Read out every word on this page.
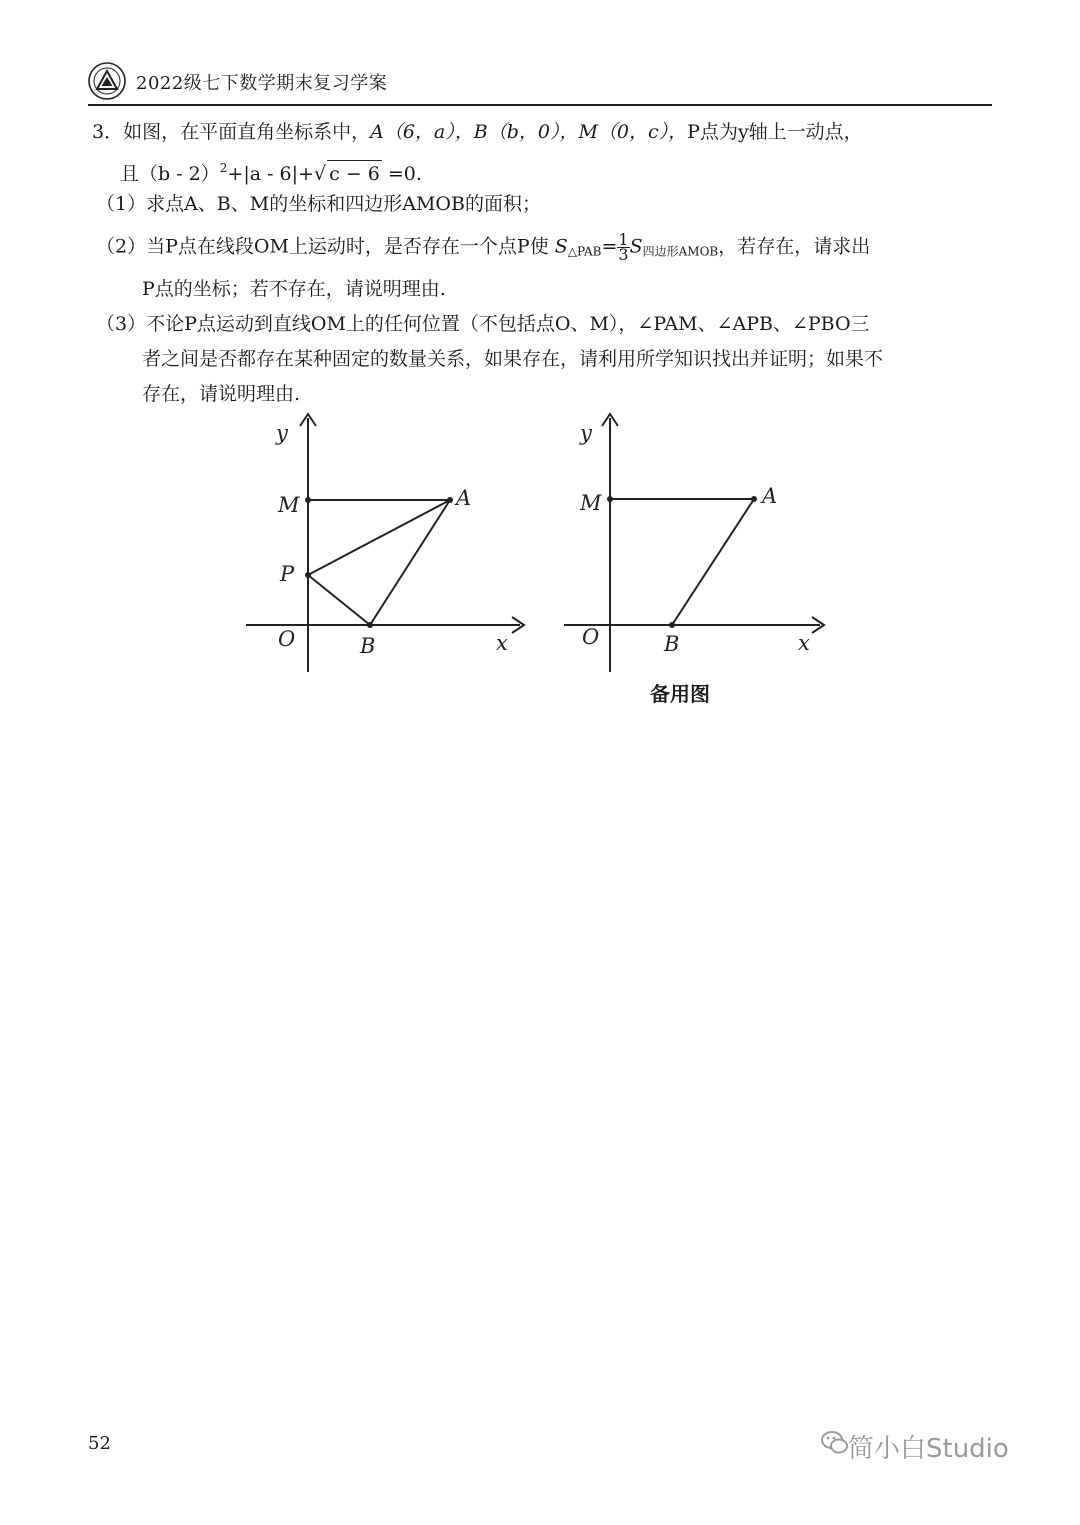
2022级七下数学期末复习学案
3．如图，在平面直角坐标系中，A（6，a），B（b，0），M（0，c），P点为y轴上一动点，
且（b - 2）$^2$+|a - 6|+√ c − 6 =0.
（1）求点A、B、M的坐标和四边形AMOB的面积；
（2）当P点在线段OM上运动时，是否存在一个点P使 $S_{\triangle PAB}= \frac{1}{3} S_{四边形AMOB}$，若存在，请求出
P点的坐标；若不存在，请说明理由.
（3）不论P点运动到直线OM上的任何位置（不包括点O、M），∠PAM、∠APB、∠PBO三
者之间是否都存在某种固定的数量关系，如果存在，请利用所学知识找出并证明；如果不
存在，请说明理由.
y
x
O
M	A
P
B
y
x
O
M	A
B
备用图
52	简小白Studio
